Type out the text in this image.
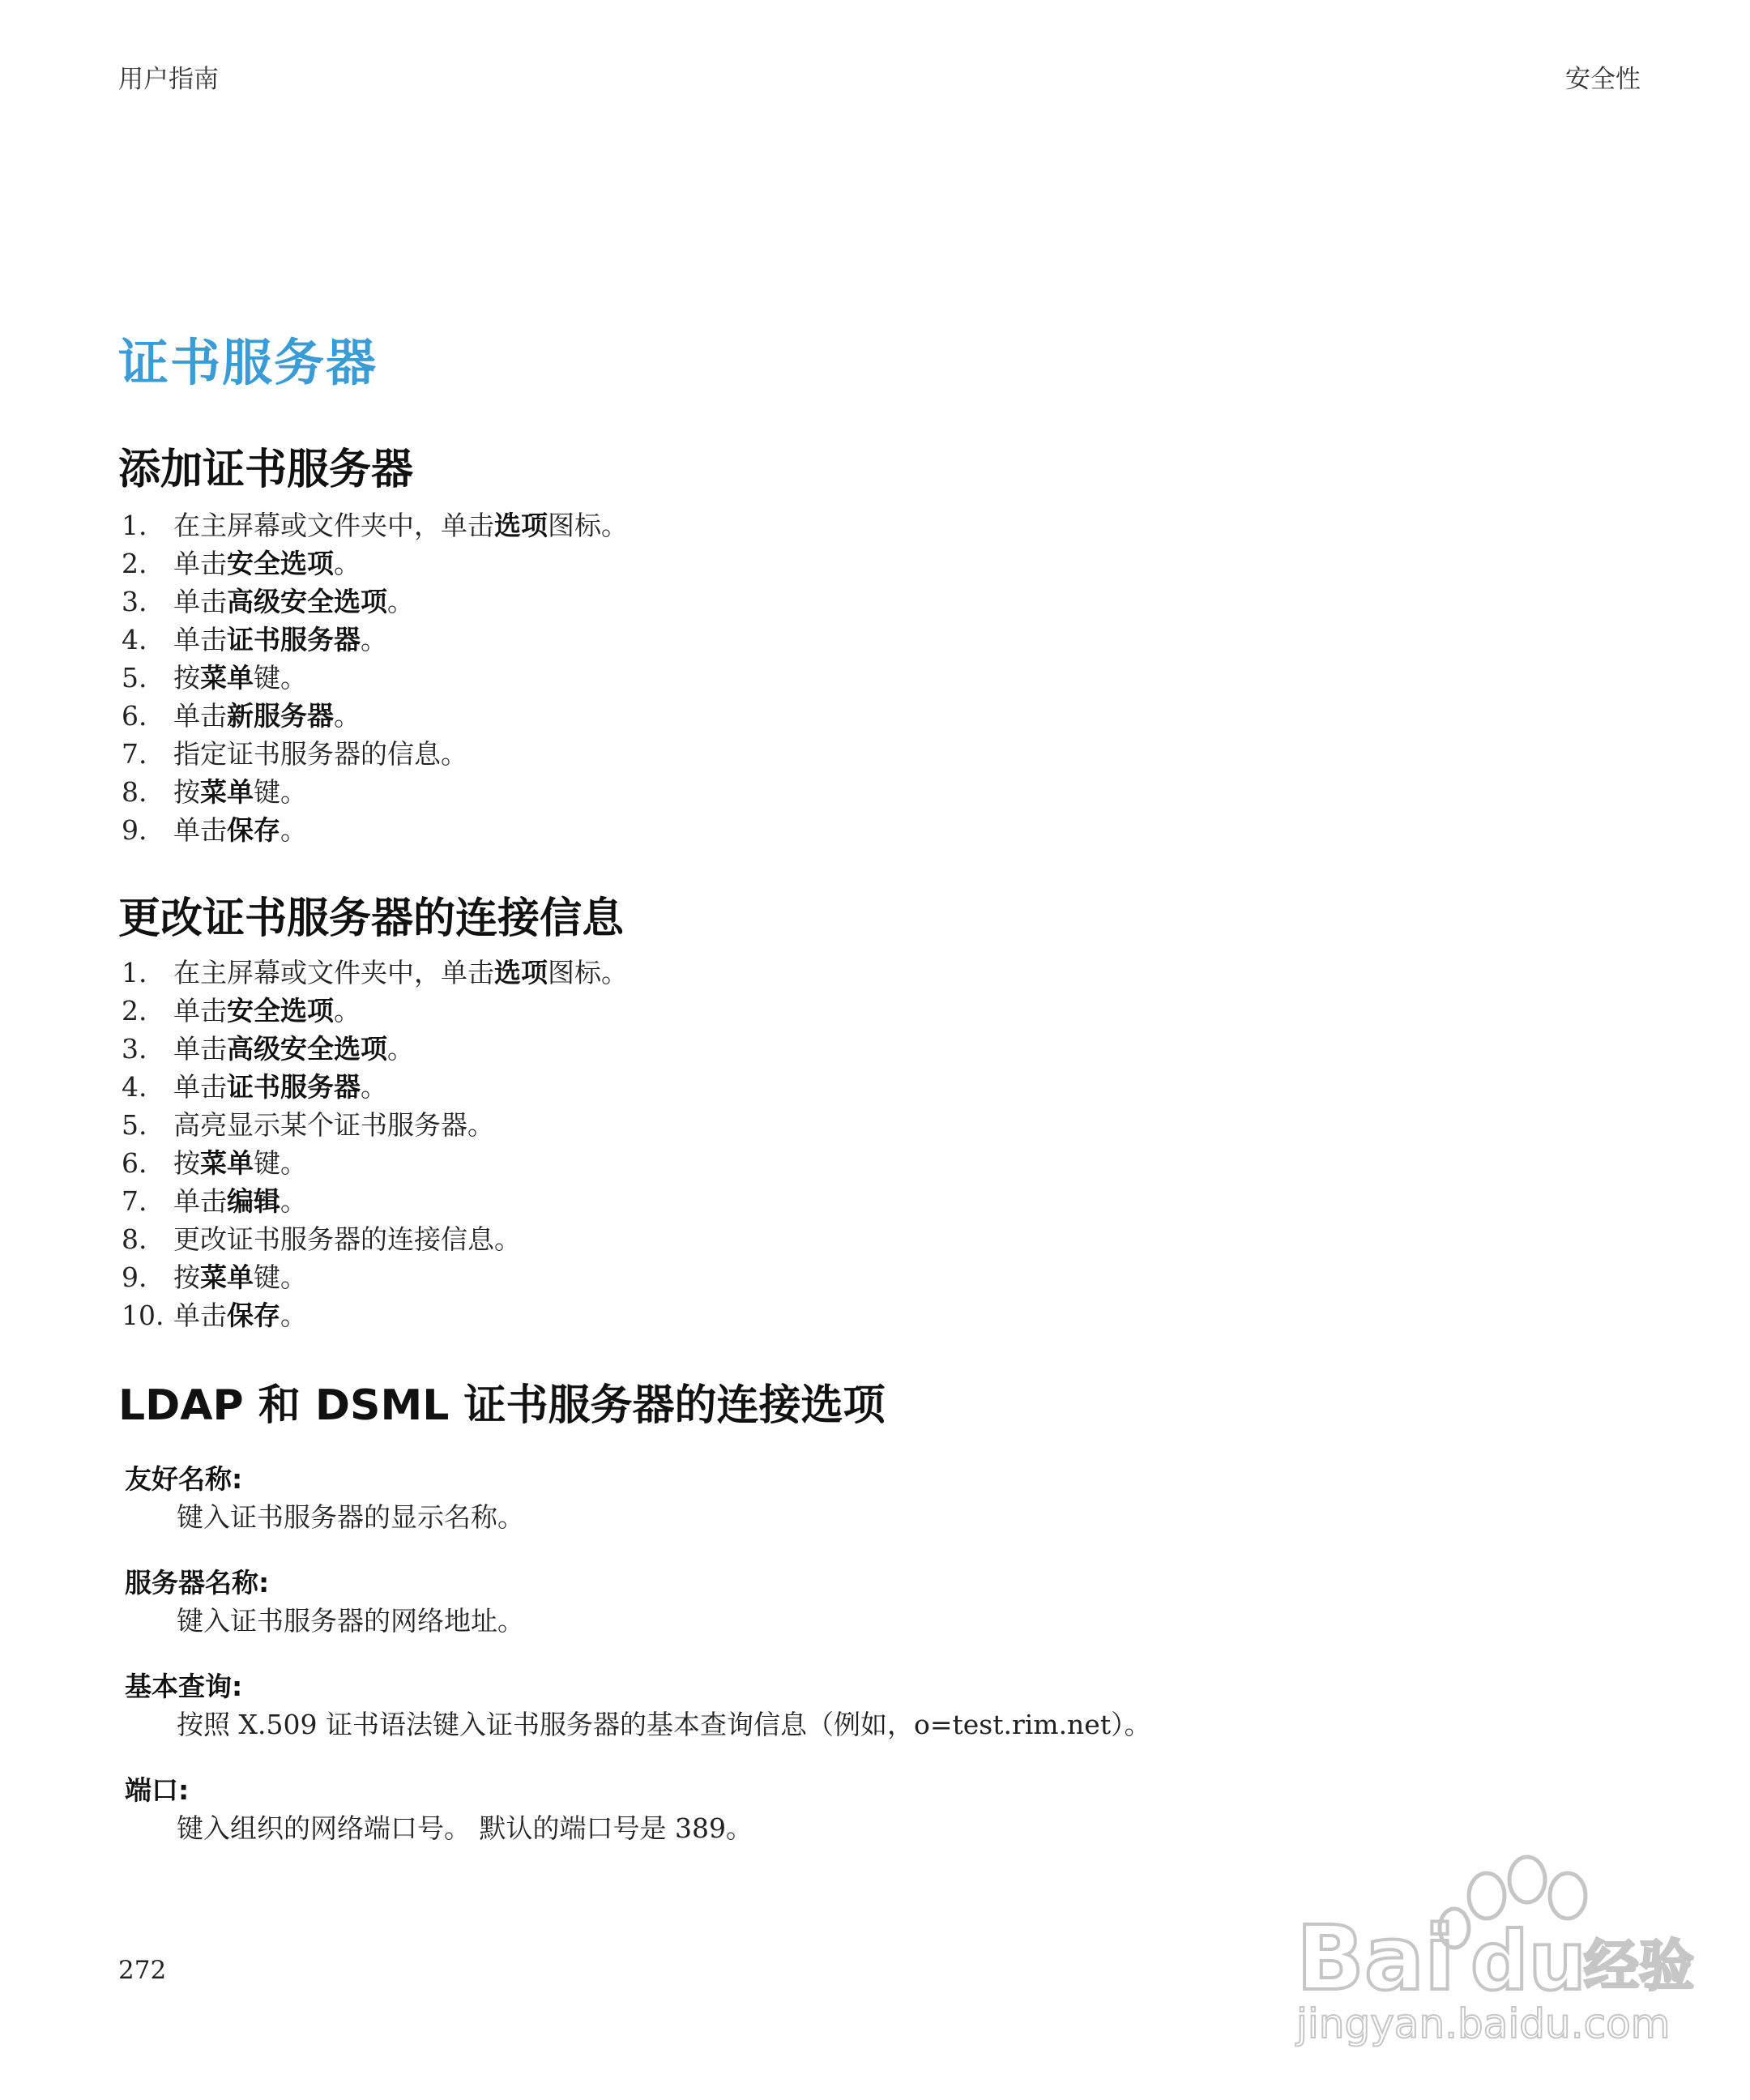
用户指南	安全性
证书服务器
添加证书服务器
1. 在主屏幕或文件夹中，单击选项图标。
2. 单击安全选项。
3. 单击高级安全选项。
4. 单击证书服务器。
5. 按菜单键。
6. 单击新服务器。
7. 指定证书服务器的信息。
8. 按菜单键。
9. 单击保存。
更改证书服务器的连接信息
1. 在主屏幕或文件夹中，单击选项图标。
2. 单击安全选项。
3. 单击高级安全选项。
4. 单击证书服务器。
5. 高亮显示某个证书服务器。
6. 按菜单键。
7. 单击编辑。
8. 更改证书服务器的连接信息。
9. 按菜单键。
10. 单击保存。
LDAP 和 DSML 证书服务器的连接选项
友好名称:
键入证书服务器的显示名称。
服务器名称:
键入证书服务器的网络地址。
基本查询:
按照 X.509 证书语法键入证书服务器的基本查询信息（例如，o=test.rim.net）。
端口:
键入组织的网络端口号。 默认的端口号是 389。
272	Bai du
经验
jingyan.baidu.com
